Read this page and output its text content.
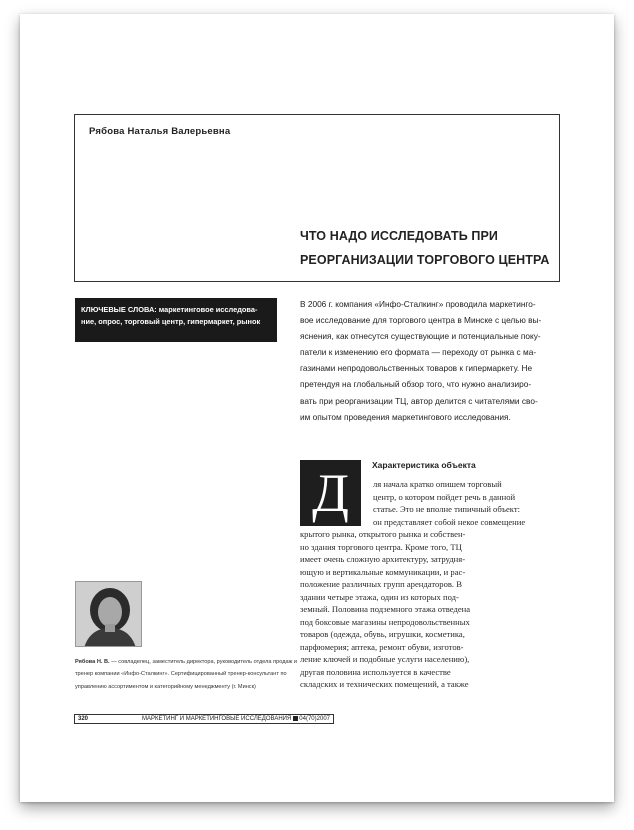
Рябова Наталья Валерьевна
ЧТО НАДО ИССЛЕДОВАТЬ ПРИ
РЕОРГАНИЗАЦИИ ТОРГОВОГО ЦЕНТРА
КЛЮЧЕВЫЕ СЛОВА: маркетинговое исследова-
ние, опрос, торговый центр, гипермаркет, рынок
В 2006 г. компания «Инфо-Сталкинг» проводила маркетинго-
вое исследование для торгового центра в Минске с целью вы-
яснения, как отнесутся существующие и потенциальные поку-
патели к изменению его формата — переходу от рынка с ма-
газинами непродовольственных товаров к гипермаркету. Не
претендуя на глобальный обзор того, что нужно анализиро-
вать при реорганизации ТЦ, автор делится с читателями сво-
им опытом проведения маркетингового исследования.
Д	Характеристика объекта
ля начала кратко опишем торговый
центр, о котором пойдет речь в данной
статье. Это не вполне типичный объект:
он представляет собой некое совмещение
крытого рынка, открытого рынка и собствен-
но здания торгового центра. Кроме того, ТЦ
имеет очень сложную архитектуру, затрудня-
ющую и вертикальные коммуникации, и рас-
положение различных групп арендаторов. В
здании четыре этажа, один из которых под-
земный. Половина подземного этажа отведена
под боксовые магазины непродовольственных
товаров (одежда, обувь, игрушки, косметика,
парфюмерия; аптека, ремонт обуви, изготов-
ление ключей и подобные услуги населению),
другая половина используется в качестве
складских и технических помещений, а также
Рябова Н. В. — совладелец, заместитель директора, руководитель отдела продаж и
тренер компании «Инфо-Сталкинг». Сертифицированный тренер-консультант по
управлению ассортиментом и категорийному менеджменту (г. Минск)
320	МАРКЕТИНГ И МАРКЕТИНГОВЫЕ ИССЛЕДОВАНИЯ 04(70)2007
